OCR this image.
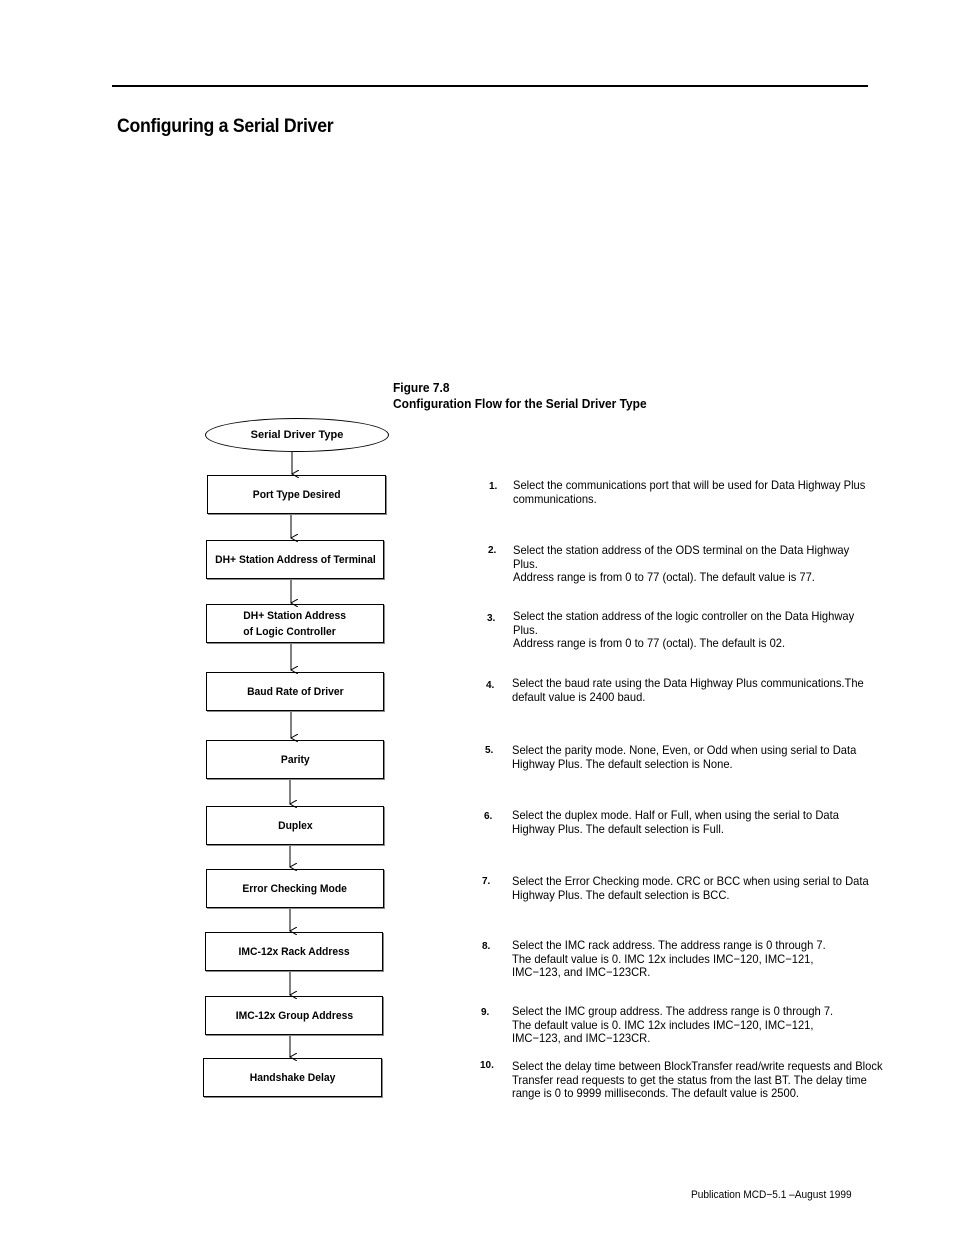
Configuring a Serial Driver
Figure 7.8
Configuration Flow for the Serial Driver Type
Serial Driver Type
Port Type Desired
DH+ Station Address of Terminal
DH+ Station Address
of Logic Controller
Baud Rate of Driver
Parity
Duplex
Error Checking Mode
IMC-12x Rack Address
IMC-12x Group Address
Handshake Delay
1. Select the communications port that will be used for Data Highway Plus
communications.
2. Select the station address of the ODS terminal on the Data Highway Plus.
Address range is from 0 to 77 (octal). The default value is 77.
3. Select the station address of the logic controller on the Data Highway Plus.
Address range is from 0 to 77 (octal). The default is 02.
4. Select the baud rate using the Data Highway Plus communications.The
default value is 2400 baud.
5. Select the parity mode. None, Even, or Odd when using serial to Data
Highway Plus. The default selection is None.
6. Select the duplex mode. Half or Full, when using the serial to Data
Highway Plus. The default selection is Full.
7. Select the Error Checking mode. CRC or BCC when using serial to Data
Highway Plus. The default selection is BCC.
8. Select the IMC rack address. The address range is 0 through 7.
The default value is 0. IMC 12x includes IMC−120, IMC−121,
IMC−123, and IMC−123CR.
9. Select the IMC group address. The address range is 0 through 7.
The default value is 0. IMC 12x includes IMC−120, IMC−121,
IMC−123, and IMC−123CR.
10. Select the delay time between BlockTransfer read/write requests and Block
Transfer read requests to get the status from the last BT. The delay time
range is 0 to 9999 milliseconds. The default value is 2500.
Publication MCD−5.1 –August 1999
